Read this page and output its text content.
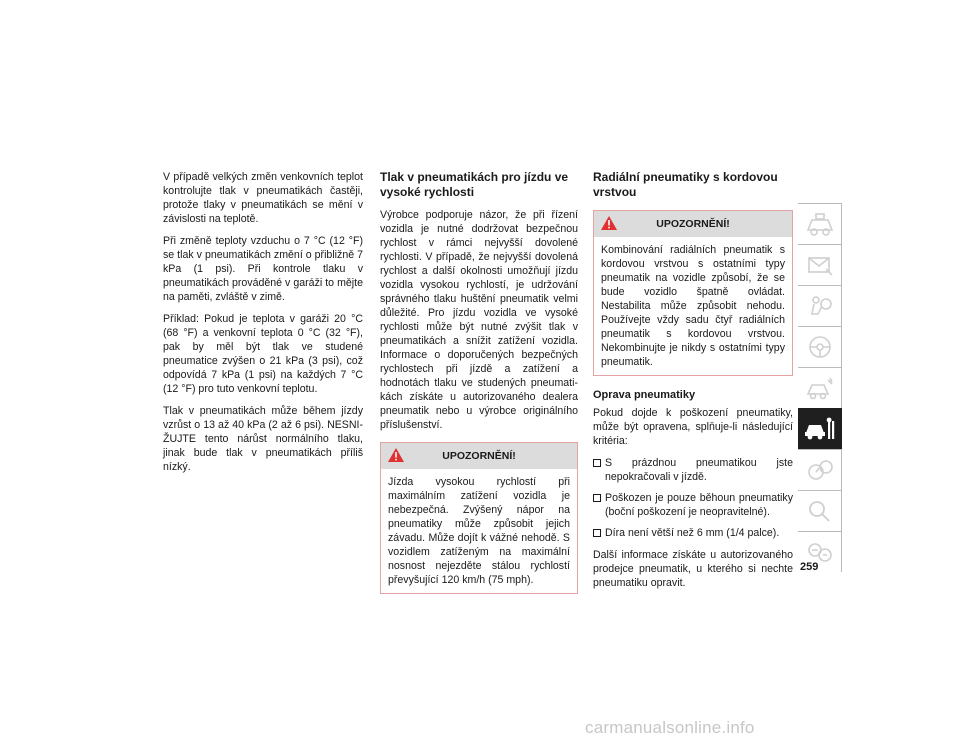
V případě velkých změn venkovních teplot kontrolujte tlak v pneumatikách častěji, protože tlaky v pneumatikách se mění v závislosti na teplotě.

Při změně teploty vzduchu o 7 °C (12 °F) se tlak v pneumatikách změní o přibližně 7 kPa (1 psi). Při kontrole tlaku v pneumatikách prováděné v garáži to mějte na paměti, zvláště v zimě.

Příklad: Pokud je teplota v garáži 20 °C (68 °F) a venkovní teplota 0 °C (32 °F), pak by měl být tlak ve studené pneumatice zvýšen o 21 kPa (3 psi), což odpovídá 7 kPa (1 psi) na každých 7 °C (12 °F) pro tuto venkovní teplotu.

Tlak v pneumatikách může během jízdy vzrůst o 13 až 40 kPa (2 až 6 psi). NESNIŽUJTE tento nárůst normálního tlaku, jinak bude tlak v pneumatikách příliš nízký.

Tlak v pneumatikách pro jízdu ve vysoké rychlosti

Výrobce podporuje názor, že při řízení vozidla je nutné dodržovat bezpečnou rychlost v rámci nejvyšší dovolené rychlosti. V případě, že nejvyšší dovolená rychlost a další okolnosti umožňují jízdu vozidla vysokou rychlostí, je udržování správného tlaku huštění pneumatik velmi důležité. Pro jízdu vozidla ve vysoké rychlosti může být nutné zvýšit tlak v pneumatikách a snížit zatížení vozidla. Informace o doporučených bezpečných rychlostech při jízdě a zatížení a hodnotách tlaku ve studených pneumatikách získáte u autorizovaného dealera pneumatik nebo u výrobce originálního příslušenství.

UPOZORNĚNÍ!

Jízda vysokou rychlostí při maximálním zatížení vozidla je nebezpečná. Zvýšený nápor na pneumatiky může způsobit jejich závadu. Může dojít k vážné nehodě. S vozidlem zatíženým na maximální nosnost nejezděte stálou rychlostí převyšující 120 km/h (75 mph).

Radiální pneumatiky s kordovou vrstvou
UPOZORNĚNÍ!

Kombinování radiálních pneumatik s kordovou vrstvou s ostatními typy pneumatik na vozidle způsobí, že se bude vozidlo špatně ovládat. Nestabilita může způsobit nehodu. Používejte vždy sadu čtyř radiálních pneumatik s kordovou vrstvou. Nekombinujte je nikdy s ostatními typy pneumatik.

Oprava pneumatiky

Pokud dojde k poškození pneumatiky, může být opravena, splňuje-li následující kritéria:

S prázdnou pneumatikou jste nepokračovali v jízdě.
Poškozen je pouze běhoun pneumatiky (boční poškození je neopravitelné).
Díra není větší než 6 mm (1/4 palce).

Další informace získáte u autorizovaného prodejce pneumatik, u kterého si nechte pneumatiku opravit.

259
carmanualsonline.info
